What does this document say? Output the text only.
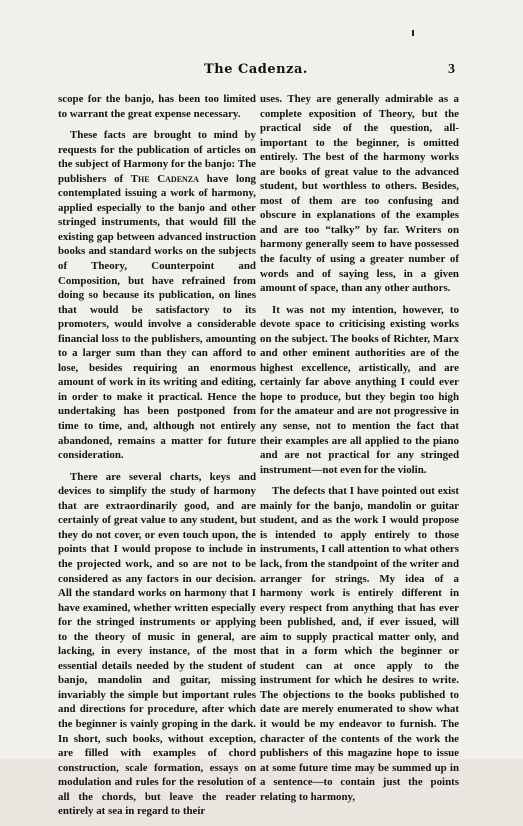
The Cadenza.	3

scope for the banjo, has been too limited to warrant the great expense necessary.

These facts are brought to mind by requests for the publication of articles on the subject of Harmony for the banjo: The publishers of The Cadenza have long contemplated issuing a work of harmony, applied especially to the banjo and other stringed instruments, that would fill the existing gap between advanced instruction books and standard works on the subjects of Theory, Counterpoint and Composition, but have refrained from doing so because its publication, on lines that would be satisfactory to its promoters, would involve a considerable financial loss to the publishers, amounting to a larger sum than they can afford to lose, besides requiring an enormous amount of work in its writing and editing, in order to make it practical. Hence the undertaking has been postponed from time to time, and, although not entirely abandoned, remains a matter for future consideration.

There are several charts, keys and devices to simplify the study of harmony that are extraordinarily good, and are certainly of great value to any student, but they do not cover, or even touch upon, the points that I would propose to include in the projected work, and so are not to be considered as any factors in our decision. All the standard works on harmony that I have examined, whether written especially for the stringed instruments or applying to the theory of music in general, are lacking, in every instance, of the most essential details needed by the student of banjo, mandolin and guitar, missing invariably the simple but important rules and directions for procedure, after which the beginner is vainly groping in the dark. In short, such books, without exception, are filled with examples of chord construction, scale formation, essays on modulation and rules for the resolution of all the chords, but leave the reader entirely at sea in regard to their

uses. They are generally admirable as a complete exposition of Theory, but the practical side of the question, all-important to the beginner, is omitted entirely. The best of the harmony works are books of great value to the advanced student, but worthless to others. Besides, most of them are too confusing and obscure in explanations of the examples and are too “talky” by far. Writers on harmony generally seem to have possessed the faculty of using a greater number of words and of saying less, in a given amount of space, than any other authors.

It was not my intention, however, to devote space to criticising existing works on the subject. The books of Richter, Marx and other eminent authorities are of the highest excellence, artistically, and are certainly far above anything I could ever hope to produce, but they begin too high for the amateur and are not progressive in any sense, not to mention the fact that their examples are all applied to the piano and are not practical for any stringed instrument—not even for the violin.

The defects that I have pointed out exist mainly for the banjo, mandolin or guitar student, and as the work I would propose is intended to apply entirely to those instruments, I call attention to what others lack, from the standpoint of the writer and arranger for strings. My idea of a harmony work is entirely different in every respect from anything that has ever been published, and, if ever issued, will aim to supply practical matter only, and that in a form which the beginner or student can at once apply to the instrument for which he desires to write. The objections to the books published to date are merely enumerated to show what it would be my endeavor to furnish. The character of the contents of the work the publishers of this magazine hope to issue at some future time may be summed up in a sentence—to contain just the points relating to harmony,
